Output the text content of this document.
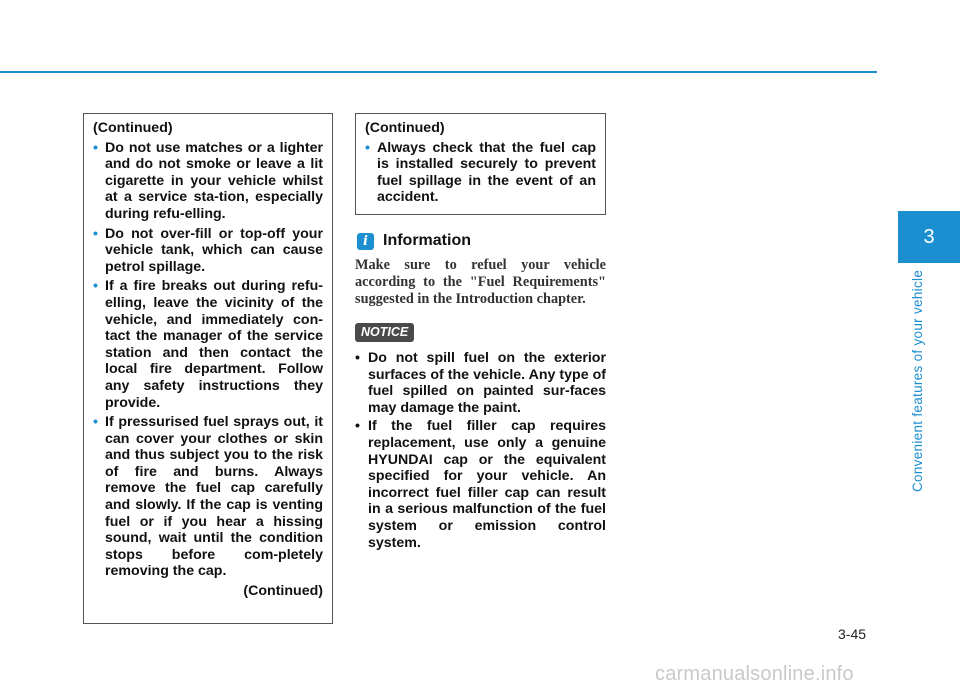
(Continued)
• Do not use matches or a lighter and do not smoke or leave a lit cigarette in your vehicle whilst at a service sta-tion, especially during refu-elling.
• Do not over-fill or top-off your vehicle tank, which can cause petrol spillage.
• If a fire breaks out during refu-elling, leave the vicinity of the vehicle, and immediately con-tact the manager of the service station and then contact the local fire department. Follow any safety instructions they provide.
• If pressurised fuel sprays out, it can cover your clothes or skin and thus subject you to the risk of fire and burns. Always remove the fuel cap carefully and slowly. If the cap is venting fuel or if you hear a hissing sound, wait until the condition stops before com-pletely removing the cap.
(Continued)
(Continued)
• Always check that the fuel cap is installed securely to prevent fuel spillage in the event of an accident.
i Information
Make sure to refuel your vehicle according to the "Fuel Requirements" suggested in the Introduction chapter.
NOTICE
• Do not spill fuel on the exterior surfaces of the vehicle. Any type of fuel spilled on painted sur-faces may damage the paint.
• If the fuel filler cap requires replacement, use only a genuine HYUNDAI cap or the equivalent specified for your vehicle. An incorrect fuel filler cap can result in a serious malfunction of the fuel system or emission control system.
3
Convenient features of your vehicle
3-45
carmanualsonline.info
